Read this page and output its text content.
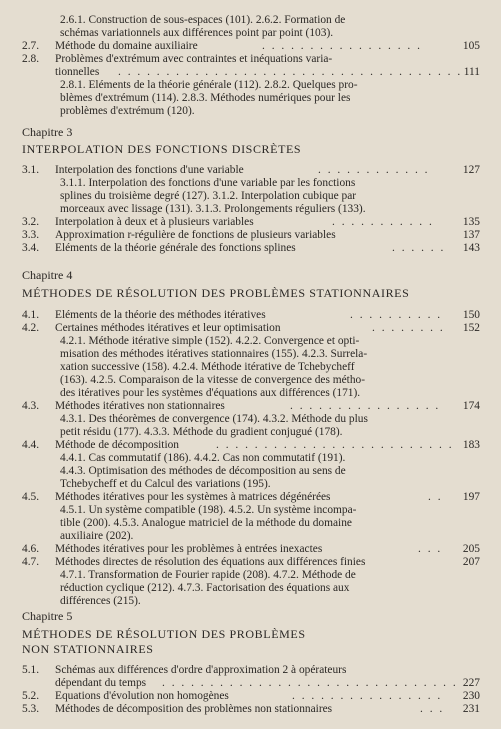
2.6.1. Construction de sous-espaces (101). 2.6.2. Formation de
schémas variationnels aux différences point par point (103).
2.7. Méthode du domaine auxiliaire	. . . . . . . . . . . . . . . . .	105
2.8. Problèmes d'extrémum avec contraintes et inéquations varia-
tionnelles	. . . . . . . . . . . . . . . . . . . . . . . . . . . . . . . . . . . . 111
2.8.1. Eléments de la théorie générale (112). 2.8.2. Quelques pro-
blèmes d'extrémum (114). 2.8.3. Méthodes numériques pour les
problèmes d'extrémum (120).
Chapitre 3
INTERPOLATION DES FONCTIONS DISCRÈTES
3.1. Interpolation des fonctions d'une variable	. . . . . . . . . . . .	127
3.1.1. Interpolation des fonctions d'une variable par les fonctions
splines du troisième degré (127). 3.1.2. Interpolation cubique par
morceaux avec lissage (131). 3.1.3. Prolongements réguliers (133).
3.2. Interpolation à deux et à plusieurs variables	. . . . . . . . . . .	135
3.3. Approximation r-régulière de fonctions de plusieurs variables	137
3.4. Eléments de la théorie générale des fonctions splines	. . . . . .	143
Chapitre 4
MÉTHODES DE RÉSOLUTION DES PROBLÈMES STATIONNAIRES
4.1. Eléments de la théorie des méthodes itératives	. . . . . . . . . .	150
4.2. Certaines méthodes itératives et leur optimisation	. . . . . . . .	152
4.2.1. Méthode itérative simple (152). 4.2.2. Convergence et opti-
misation des méthodes itératives stationnaires (155). 4.2.3. Surrela-
xation successive (158). 4.2.4. Méthode itérative de Tchebycheff
(163). 4.2.5. Comparaison de la vitesse de convergence des métho-
des itératives pour les systèmes d'équations aux différences (171).
4.3. Méthodes itératives non stationnaires	. . . . . . . . . . . . . . . .	174
4.3.1. Des théorèmes de convergence (174). 4.3.2. Méthode du plus
petit résidu (177). 4.3.3. Méthode du gradient conjugué (178).
4.4. Méthode de décomposition	. . . . . . . . . . . . . . . . . . . . . . . . . 183
4.4.1. Cas commutatif (186). 4.4.2. Cas non commutatif (191).
4.4.3. Optimisation des méthodes de décomposition au sens de
Tchebycheff et du Calcul des variations (195).
4.5. Méthodes itératives pour les systèmes à matrices dégénérées	. .	197
4.5.1. Un système compatible (198). 4.5.2. Un système incompa-
tible (200). 4.5.3. Analogue matriciel de la méthode du domaine
auxiliaire (202).
4.6. Méthodes itératives pour les problèmes à entrées inexactes	. . .	205
4.7. Méthodes directes de résolution des équations aux différences finies	207
4.7.1. Transformation de Fourier rapide (208). 4.7.2. Méthode de
réduction cyclique (212). 4.7.3. Factorisation des équations aux
différences (215).
Chapitre 5
MÉTHODES DE RÉSOLUTION DES PROBLÈMES
NON STATIONNAIRES
5.1. Schémas aux différences d'ordre d'approximation 2 à opérateurs
dépendant du temps	. . . . . . . . . . . . . . . . . . . . . . . . . . . . . . . 227
5.2. Equations d'évolution non homogènes	. . . . . . . . . . . . . . . .	230
5.3. Méthodes de décomposition des problèmes non stationnaires	. . .	231
